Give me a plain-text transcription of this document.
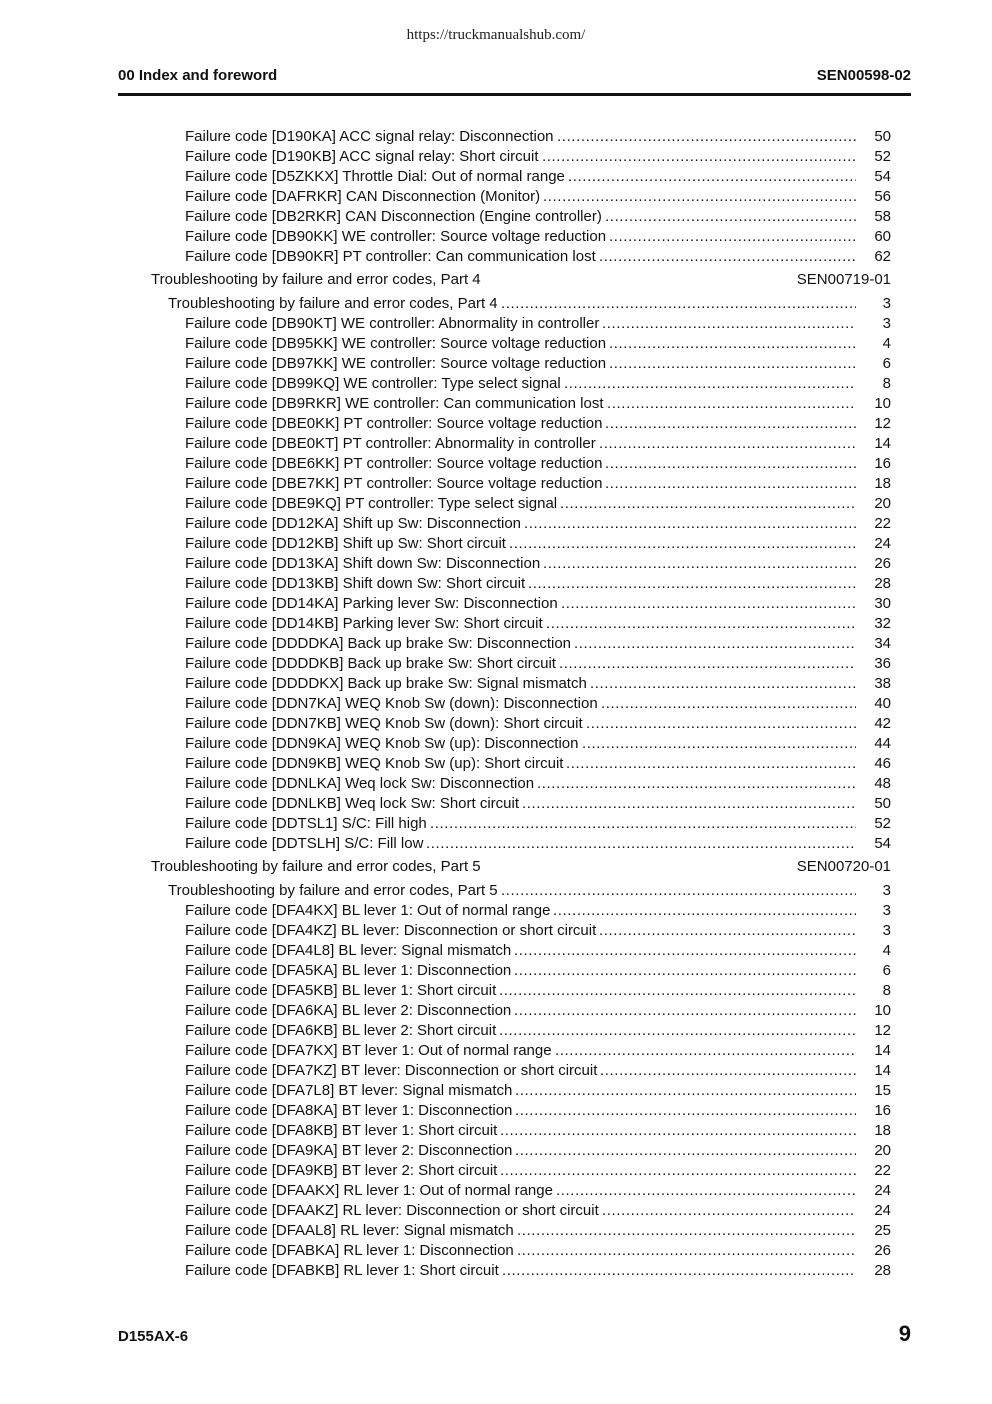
https://truckmanualshub.com/
00 Index and foreword	SEN00598-02
Failure code [D190KA] ACC signal relay: Disconnection .....	50
Failure code [D190KB] ACC signal relay: Short circuit .....	52
Failure code [D5ZKKX] Throttle Dial: Out of normal range .....	54
Failure code [DAFRKR] CAN Disconnection (Monitor) .....	56
Failure code [DB2RKR] CAN Disconnection (Engine controller) .....	58
Failure code [DB90KK] WE controller: Source voltage reduction .....	60
Failure code [DB90KR] PT controller: Can communication lost .....	62
Troubleshooting by failure and error codes, Part 4	SEN00719-01
Troubleshooting by failure and error codes, Part 4 .....	3
Failure code [DB90KT] WE controller: Abnormality in controller .....	3
Failure code [DB95KK] WE controller: Source voltage reduction .....	4
Failure code [DB97KK] WE controller: Source voltage reduction .....	6
Failure code [DB99KQ] WE controller: Type select signal .....	8
Failure code [DB9RKR] WE controller: Can communication lost .....	10
Failure code [DBE0KK] PT controller: Source voltage reduction .....	12
Failure code [DBE0KT] PT controller: Abnormality in controller .....	14
Failure code [DBE6KK] PT controller: Source voltage reduction .....	16
Failure code [DBE7KK] PT controller: Source voltage reduction .....	18
Failure code [DBE9KQ] PT controller: Type select signal .....	20
Failure code [DD12KA] Shift up Sw: Disconnection .....	22
Failure code [DD12KB] Shift up Sw: Short circuit .....	24
Failure code [DD13KA] Shift down Sw: Disconnection .....	26
Failure code [DD13KB] Shift down Sw: Short circuit .....	28
Failure code [DD14KA] Parking lever Sw: Disconnection .....	30
Failure code [DD14KB] Parking lever Sw: Short circuit .....	32
Failure code [DDDDKA] Back up brake Sw: Disconnection .....	34
Failure code [DDDDKB] Back up brake Sw: Short circuit .....	36
Failure code [DDDDKX] Back up brake Sw: Signal mismatch .....	38
Failure code [DDN7KA] WEQ Knob Sw (down): Disconnection .....	40
Failure code [DDN7KB] WEQ Knob Sw (down): Short circuit .....	42
Failure code [DDN9KA] WEQ Knob Sw (up): Disconnection .....	44
Failure code [DDN9KB] WEQ Knob Sw (up): Short circuit .....	46
Failure code [DDNLKA] Weq lock Sw: Disconnection .....	48
Failure code [DDNLKB] Weq lock Sw: Short circuit .....	50
Failure code [DDTSL1] S/C: Fill high .....	52
Failure code [DDTSLH] S/C: Fill low .....	54
Troubleshooting by failure and error codes, Part 5	SEN00720-01
Troubleshooting by failure and error codes, Part 5 .....	3
Failure code [DFA4KX] BL lever 1: Out of normal range .....	3
Failure code [DFA4KZ] BL lever: Disconnection or short circuit .....	3
Failure code [DFA4L8] BL lever: Signal mismatch .....	4
Failure code [DFA5KA] BL lever 1: Disconnection .....	6
Failure code [DFA5KB] BL lever 1: Short circuit .....	8
Failure code [DFA6KA] BL lever 2: Disconnection .....	10
Failure code [DFA6KB] BL lever 2: Short circuit .....	12
Failure code [DFA7KX] BT lever 1: Out of normal range .....	14
Failure code [DFA7KZ] BT lever: Disconnection or short circuit .....	14
Failure code [DFA7L8] BT lever: Signal mismatch .....	15
Failure code [DFA8KA] BT lever 1: Disconnection .....	16
Failure code [DFA8KB] BT lever 1: Short circuit .....	18
Failure code [DFA9KA] BT lever 2: Disconnection .....	20
Failure code [DFA9KB] BT lever 2: Short circuit .....	22
Failure code [DFAAKX] RL lever 1: Out of normal range .....	24
Failure code [DFAAKZ] RL lever: Disconnection or short circuit .....	24
Failure code [DFAAL8] RL lever: Signal mismatch .....	25
Failure code [DFABKA] RL lever 1: Disconnection .....	26
Failure code [DFABKB] RL lever 1: Short circuit .....	28
D155AX-6	9
